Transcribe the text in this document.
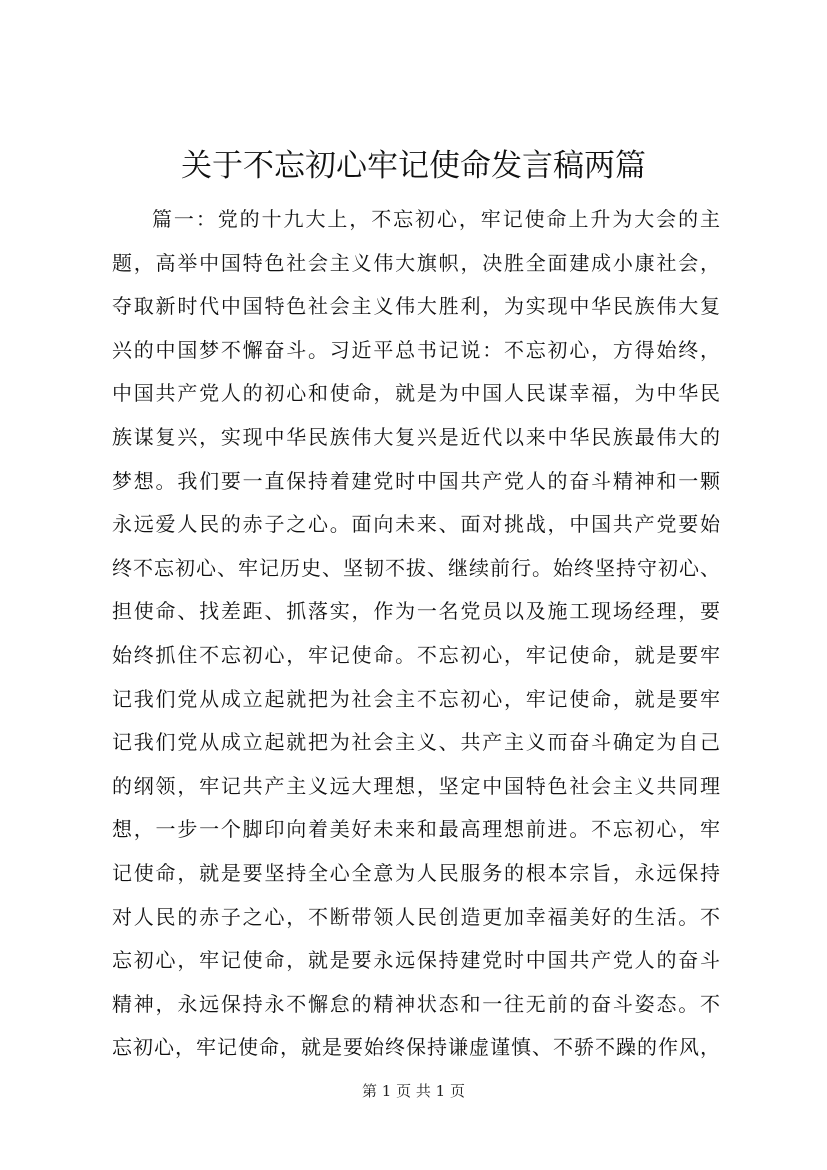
关于不忘初心牢记使命发言稿两篇
篇一：党的十九大上，不忘初心，牢记使命上升为大会的主
题，高举中国特色社会主义伟大旗帜，决胜全面建成小康社会，
夺取新时代中国特色社会主义伟大胜利，为实现中华民族伟大复
兴的中国梦不懈奋斗。习近平总书记说：不忘初心，方得始终，
中国共产党人的初心和使命，就是为中国人民谋幸福，为中华民
族谋复兴，实现中华民族伟大复兴是近代以来中华民族最伟大的
梦想。我们要一直保持着建党时中国共产党人的奋斗精神和一颗
永远爱人民的赤子之心。面向未来、面对挑战，中国共产党要始
终不忘初心、牢记历史、坚韧不拔、继续前行。始终坚持守初心、
担使命、找差距、抓落实，作为一名党员以及施工现场经理，要
始终抓住不忘初心，牢记使命。不忘初心，牢记使命，就是要牢
记我们党从成立起就把为社会主不忘初心，牢记使命，就是要牢
记我们党从成立起就把为社会主义、共产主义而奋斗确定为自己
的纲领，牢记共产主义远大理想，坚定中国特色社会主义共同理
想，一步一个脚印向着美好未来和最高理想前进。不忘初心，牢
记使命，就是要坚持全心全意为人民服务的根本宗旨，永远保持
对人民的赤子之心，不断带领人民创造更加幸福美好的生活。不
忘初心，牢记使命，就是要永远保持建党时中国共产党人的奋斗
精神，永远保持永不懈怠的精神状态和一往无前的奋斗姿态。不
忘初心，牢记使命，就是要始终保持谦虚谨慎、不骄不躁的作风，
第 1 页 共 1 页
